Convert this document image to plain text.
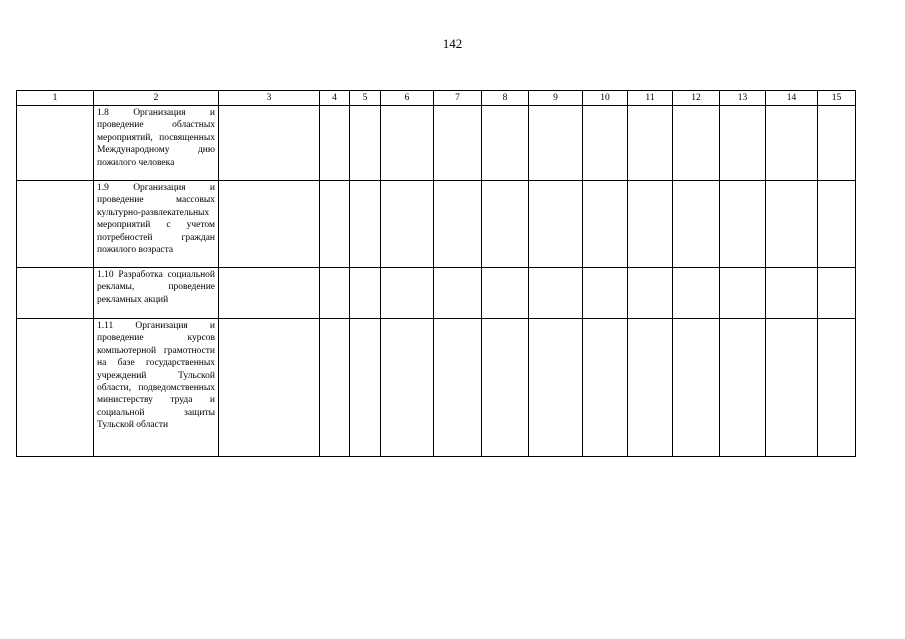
142
1	2	3	4	5	6	7	8	9	10	11	12	13	14	15

	1.8 Организация и проведение областных мероприятий, посвященных Международному дню пожилого человека													

	1.9 Организация и проведение массовых культурно-развлекательных мероприятий с учетом потребностей граждан пожилого возраста													

	1.10 Разработка социальной рекламы, проведение рекламных акций													

	1.11 Организация и проведение курсов компьютерной грамотности на базе государственных учреждений Тульской области, подведомственных министерству труда и социальной защиты Тульской области													
